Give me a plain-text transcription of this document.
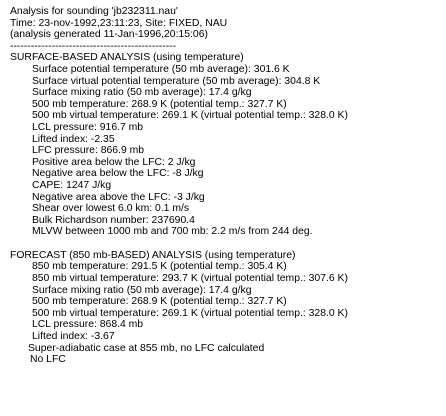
Analysis for sounding 'jb232311.nau'
Time: 23-nov-1992,23:11:23, Site: FIXED, NAU
(analysis generated 11-Jan-1996,20:15:06)
------------------------------------------------
SURFACE-BASED ANALYSIS (using temperature)
Surface potential temperature (50 mb average): 301.6 K
Surface virtual potential temperature (50 mb average): 304.8 K
Surface mixing ratio (50 mb average): 17.4 g/kg
500 mb temperature: 268.9 K (potential temp.: 327.7 K)
500 mb virtual temperature: 269.1 K (virtual potential temp.: 328.0 K)
LCL pressure: 916.7 mb
Lifted index: -2.35
LFC pressure: 866.9 mb
Positive area below the LFC: 2 J/kg
Negative area below the LFC: -8 J/kg
CAPE: 1247 J/kg
Negative area above the LFC: -3 J/kg
Shear over lowest 6.0 km: 0.1 m/s
Bulk Richardson number: 237690.4
MLVW between 1000 mb and 700 mb: 2.2 m/s from 244 deg.
FORECAST (850 mb-BASED) ANALYSIS (using temperature)
850 mb temperature: 291.5 K (potential temp.: 305.4 K)
850 mb virtual temperature: 293.7 K (virtual potential temp.: 307.6 K)
Surface mixing ratio (50 mb average): 17.4 g/kg
500 mb temperature: 268.9 K (potential temp.: 327.7 K)
500 mb virtual temperature: 269.1 K (virtual potential temp.: 328.0 K)
LCL pressure: 868.4 mb
Lifted index: -3.67
Super-adiabatic case at 855 mb, no LFC calculated
No LFC
